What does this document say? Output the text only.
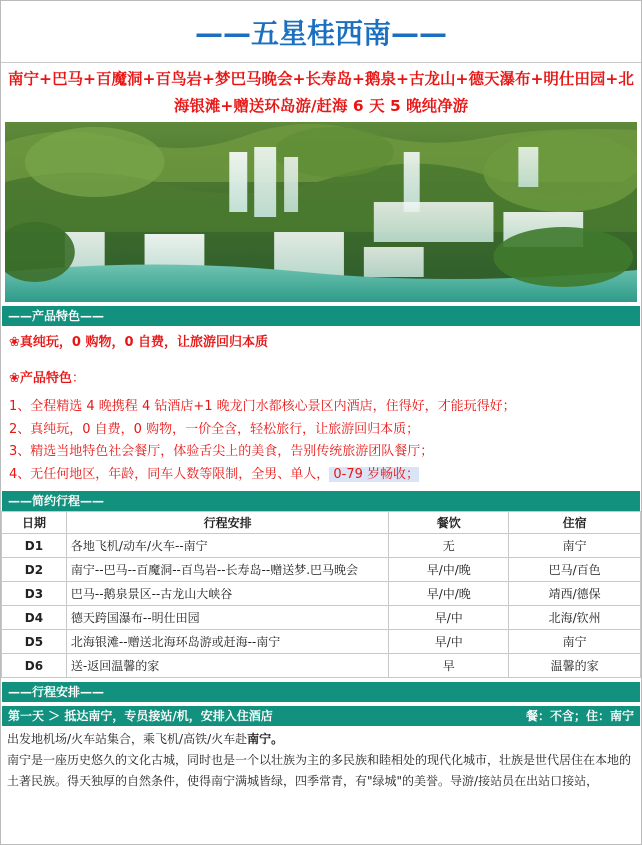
——五星桂西南——
南宁+巴马+百魔洞+百鸟岩+梦巴马晚会+长寿岛+鹅泉+古龙山+德天瀑布+明仕田园+北海银滩+赠送环岛游/赶海 6 天 5 晚纯净游
——产品特色——
❀真纯玩，0 购物，0 自费，让旅游回归本质
❀产品特色：
1、全程精选 4 晚携程 4 钻酒店+1 晚龙门水都核心景区内酒店，住得好，才能玩得好；
2、真纯玩，0 自费，0 购物，一价全含，轻松旅行，让旅游回归本质；
3、精选当地特色社会餐厅，体验舌尖上的美食，告别传统旅游团队餐厅；
4、无任何地区，年龄，同车人数等限制，全男、单人， 0-79 岁畅收；
——简约行程——
日期	行程安排	餐饮	住宿
D1	各地飞机/动车/火车--南宁	无	南宁
D2	南宁--巴马--百魔洞--百鸟岩--长寿岛--赠送梦.巴马晚会	早/中/晚	巴马/百色
D3	巴马--鹅泉景区--古龙山大峡谷	早/中/晚	靖西/德保
D4	德天跨国瀑布--明仕田园	早/中	北海/钦州
D5	北海银滩--赠送北海环岛游或赶海--南宁	早/中	南宁
D6	送-返回温馨的家	早	温馨的家
——行程安排——
第一天 ＞ 抵达南宁，专员接站/机，安排入住酒店	餐：不含；住：南宁
出发地机场/火车站集合，乘飞机/高铁/火车赴南宁。
南宁是一座历史悠久的文化古城，同时也是一个以壮族为主的多民族和睦相处的现代化城市，壮族是世代居住在本地的土著民族。得天独厚的自然条件，使得南宁满城皆绿，四季常青，有"绿城"的美誉。导游/接站员在出站口接站，
